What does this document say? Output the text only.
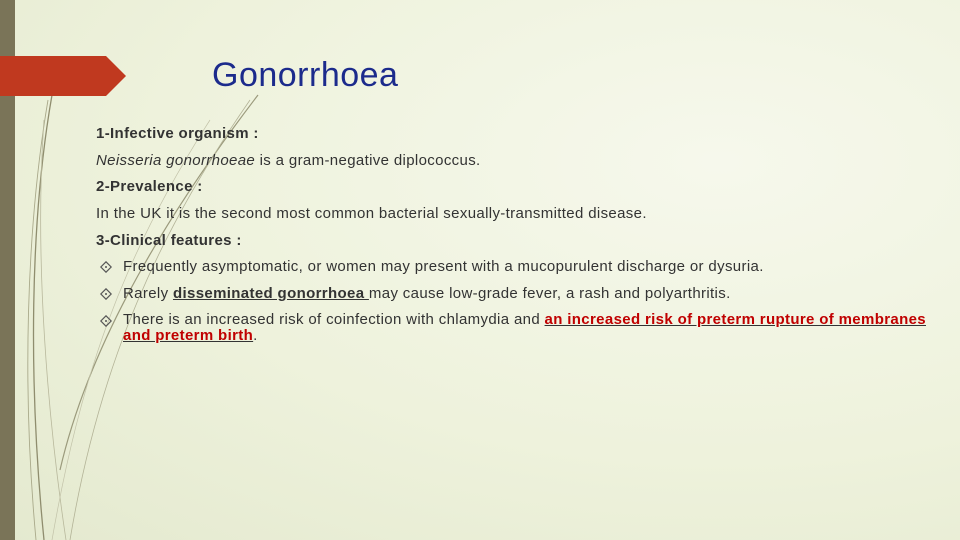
Gonorrhoea
1-Infective organism :
Neisseria gonorrhoeae is a gram-negative diplococcus.
2-Prevalence :
In the UK it is the second most common bacterial sexually-transmitted disease.
3-Clinical features :
Frequently asymptomatic, or women may present with a mucopurulent discharge or dysuria.
Rarely disseminated gonorrhoea may cause low-grade fever, a rash and polyarthritis.
There is an increased risk of coinfection with chlamydia and an increased risk of preterm rupture of membranes and preterm birth.
